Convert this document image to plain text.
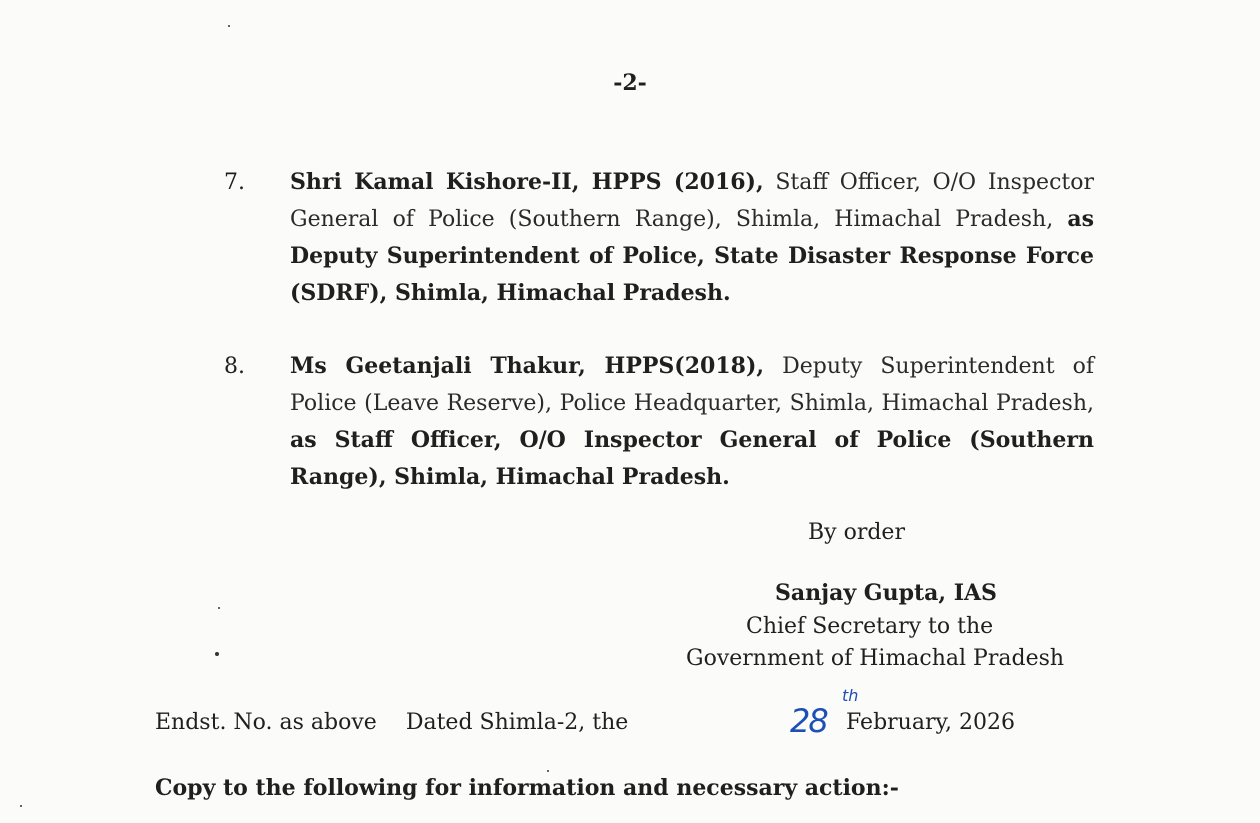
-2-
7. Shri Kamal Kishore-II, HPPS (2016), Staff Officer, O/O Inspector General of Police (Southern Range), Shimla, Himachal Pradesh, as Deputy Superintendent of Police, State Disaster Response Force (SDRF), Shimla, Himachal Pradesh.
8. Ms Geetanjali Thakur, HPPS(2018), Deputy Superintendent of Police (Leave Reserve), Police Headquarter, Shimla, Himachal Pradesh, as Staff Officer, O/O Inspector General of Police (Southern Range), Shimla, Himachal Pradesh.
By order
Sanjay Gupta, IAS
Chief Secretary to the
Government of Himachal Pradesh
Endst. No. as above Dated Shimla-2, the
th
28 February, 2026
Copy to the following for information and necessary action:-
